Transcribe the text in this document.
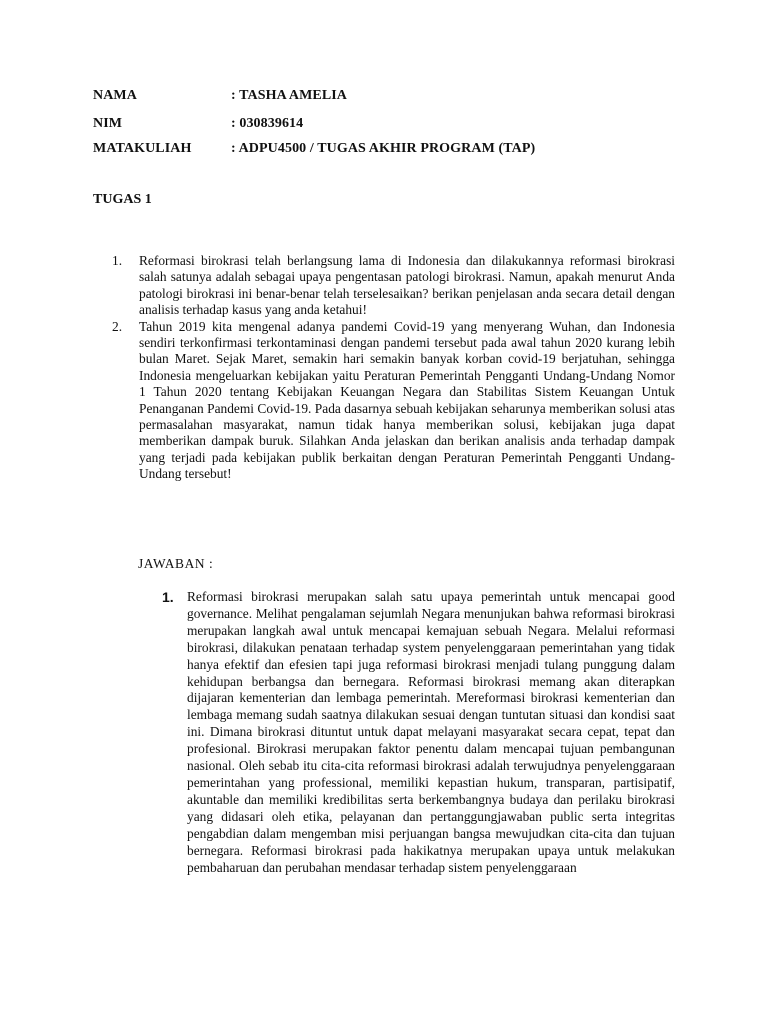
NAMA	: TASHA AMELIA
NIM	: 030839614
MATAKULIAH	: ADPU4500 / TUGAS AKHIR PROGRAM (TAP)
TUGAS 1
1. Reformasi birokrasi telah berlangsung lama di Indonesia dan dilakukannya reformasi birokrasi salah satunya adalah sebagai upaya pengentasan patologi birokrasi. Namun, apakah menurut Anda patologi birokrasi ini benar-benar telah terselesaikan? berikan penjelasan anda secara detail dengan analisis terhadap kasus yang anda ketahui!
2. Tahun 2019 kita mengenal adanya pandemi Covid-19 yang menyerang Wuhan, dan Indonesia sendiri terkonfirmasi terkontaminasi dengan pandemi tersebut pada awal tahun 2020 kurang lebih bulan Maret. Sejak Maret, semakin hari semakin banyak korban covid-19 berjatuhan, sehingga Indonesia mengeluarkan kebijakan yaitu Peraturan Pemerintah Pengganti Undang-Undang Nomor 1 Tahun 2020 tentang Kebijakan Keuangan Negara dan Stabilitas Sistem Keuangan Untuk Penanganan Pandemi Covid-19. Pada dasarnya sebuah kebijakan seharunya memberikan solusi atas permasalahan masyarakat, namun tidak hanya memberikan solusi, kebijakan juga dapat memberikan dampak buruk. Silahkan Anda jelaskan dan berikan analisis anda terhadap dampak yang terjadi pada kebijakan publik berkaitan dengan Peraturan Pemerintah Pengganti Undang-Undang tersebut!
JAWABAN :
1. Reformasi birokrasi merupakan salah satu upaya pemerintah untuk mencapai good governance. Melihat pengalaman sejumlah Negara menunjukan bahwa reformasi birokrasi merupakan langkah awal untuk mencapai kemajuan sebuah Negara. Melalui reformasi birokrasi, dilakukan penataan terhadap system penyelenggaraan pemerintahan yang tidak hanya efektif dan efesien tapi juga reformasi birokrasi menjadi tulang punggung dalam kehidupan berbangsa dan bernegara. Reformasi birokrasi memang akan diterapkan dijajaran kementerian dan lembaga pemerintah. Mereformasi birokrasi kementerian dan lembaga memang sudah saatnya dilakukan sesuai dengan tuntutan situasi dan kondisi saat ini. Dimana birokrasi dituntut untuk dapat melayani masyarakat secara cepat, tepat dan profesional. Birokrasi merupakan faktor penentu dalam mencapai tujuan pembangunan nasional. Oleh sebab itu cita-cita reformasi birokrasi adalah terwujudnya penyelenggaraan pemerintahan yang professional, memiliki kepastian hukum, transparan, partisipatif, akuntable dan memiliki kredibilitas serta berkembangnya budaya dan perilaku birokrasi yang didasari oleh etika, pelayanan dan pertanggungjawaban public serta integritas pengabdian dalam mengemban misi perjuangan bangsa mewujudkan cita-cita dan tujuan bernegara. Reformasi birokrasi pada hakikatnya merupakan upaya untuk melakukan pembaharuan dan perubahan mendasar terhadap sistem penyelenggaraan
